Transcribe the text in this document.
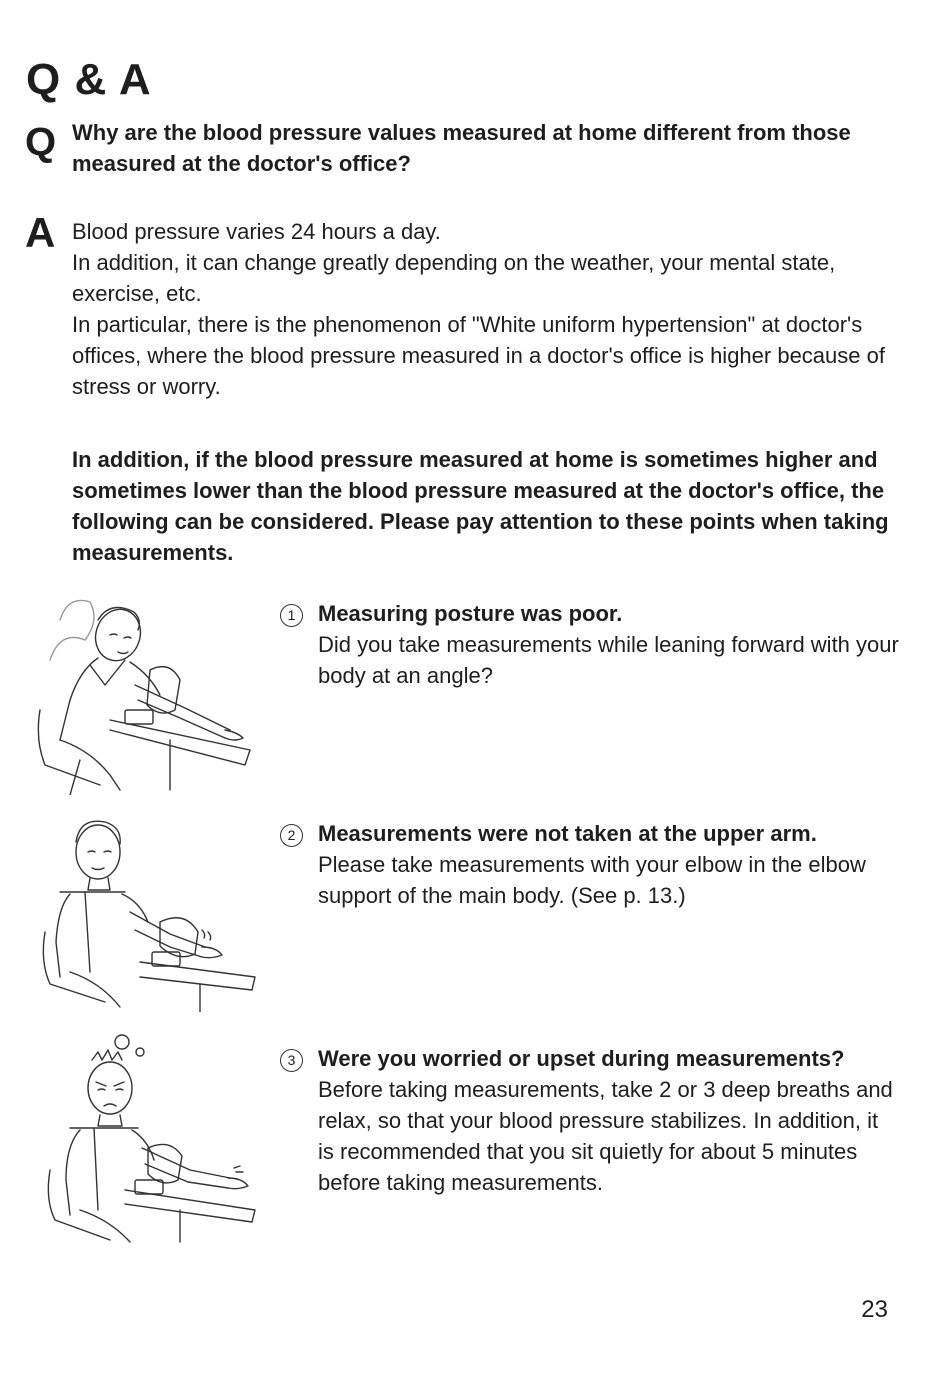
Q & A
Q Why are the blood pressure values measured at home different from those measured at the doctor's office?
A Blood pressure varies 24 hours a day.

In addition, it can change greatly depending on the weather, your mental state, exercise, etc.

In particular, there is the phenomenon of "White uniform hypertension" at doctor's offices, where the blood pressure measured in a doctor's office is higher because of stress or worry.

In addition, if the blood pressure measured at home is sometimes higher and sometimes lower than the blood pressure measured at the doctor's office, the following can be considered. Please pay attention to these points when taking measurements.
1	Measuring posture was poor.
Did you take measurements while leaning forward with your body at an angle?
2	Measurements were not taken at the upper arm.
Please take measurements with your elbow in the elbow support of the main body. (See p. 13.)
3	Were you worried or upset during measurements?
Before taking measurements, take 2 or 3 deep breaths and relax, so that your blood pressure stabilizes. In addition, it is recommended that you sit quietly for about 5 minutes before taking measurements.
23
